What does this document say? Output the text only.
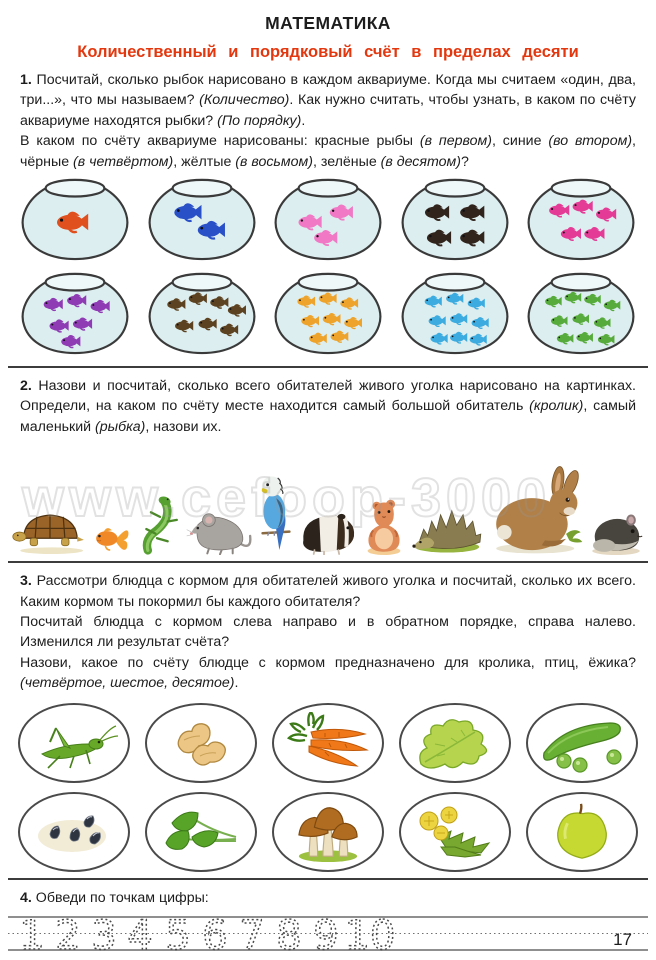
МАТЕМАТИКА
Количественный и порядковый счёт в пределах десяти
1. Посчитай, сколько рыбок нарисовано в каждом аквариуме. Когда мы считаем «один, два, три...», что мы называем? (Количество). Как нужно считать, чтобы узнать, в каком по счёту аквариуме находятся рыбки? (По порядку).
В каком по счёту аквариуме нарисованы: красные рыбы (в первом), синие (во втором), чёрные (в четвёртом), жёлтые (в восьмом), зелёные (в десятом)?
2. Назови и посчитай, сколько всего обитателей живого уголка нарисовано на картинках. Определи, на каком по счёту месте находится самый большой обитатель (кролик), самый маленький (рыбка), назови их.
www.cefoop-3000
3. Рассмотри блюдца с кормом для обитателей живого уголка и посчитай, сколько их всего. Каким кормом ты покормил бы каждого обитателя?
Посчитай блюдца с кормом слева направо и в обратном порядке, справа налево. Изменился ли результат счёта?
Назови, какое по счёту блюдце с кормом предназначено для кролика, птиц, ёжика? (четвёртое, шестое, десятое).
4. Обведи по точкам цифры:
1 2 3 4 5 6 7 8 9 10	17
